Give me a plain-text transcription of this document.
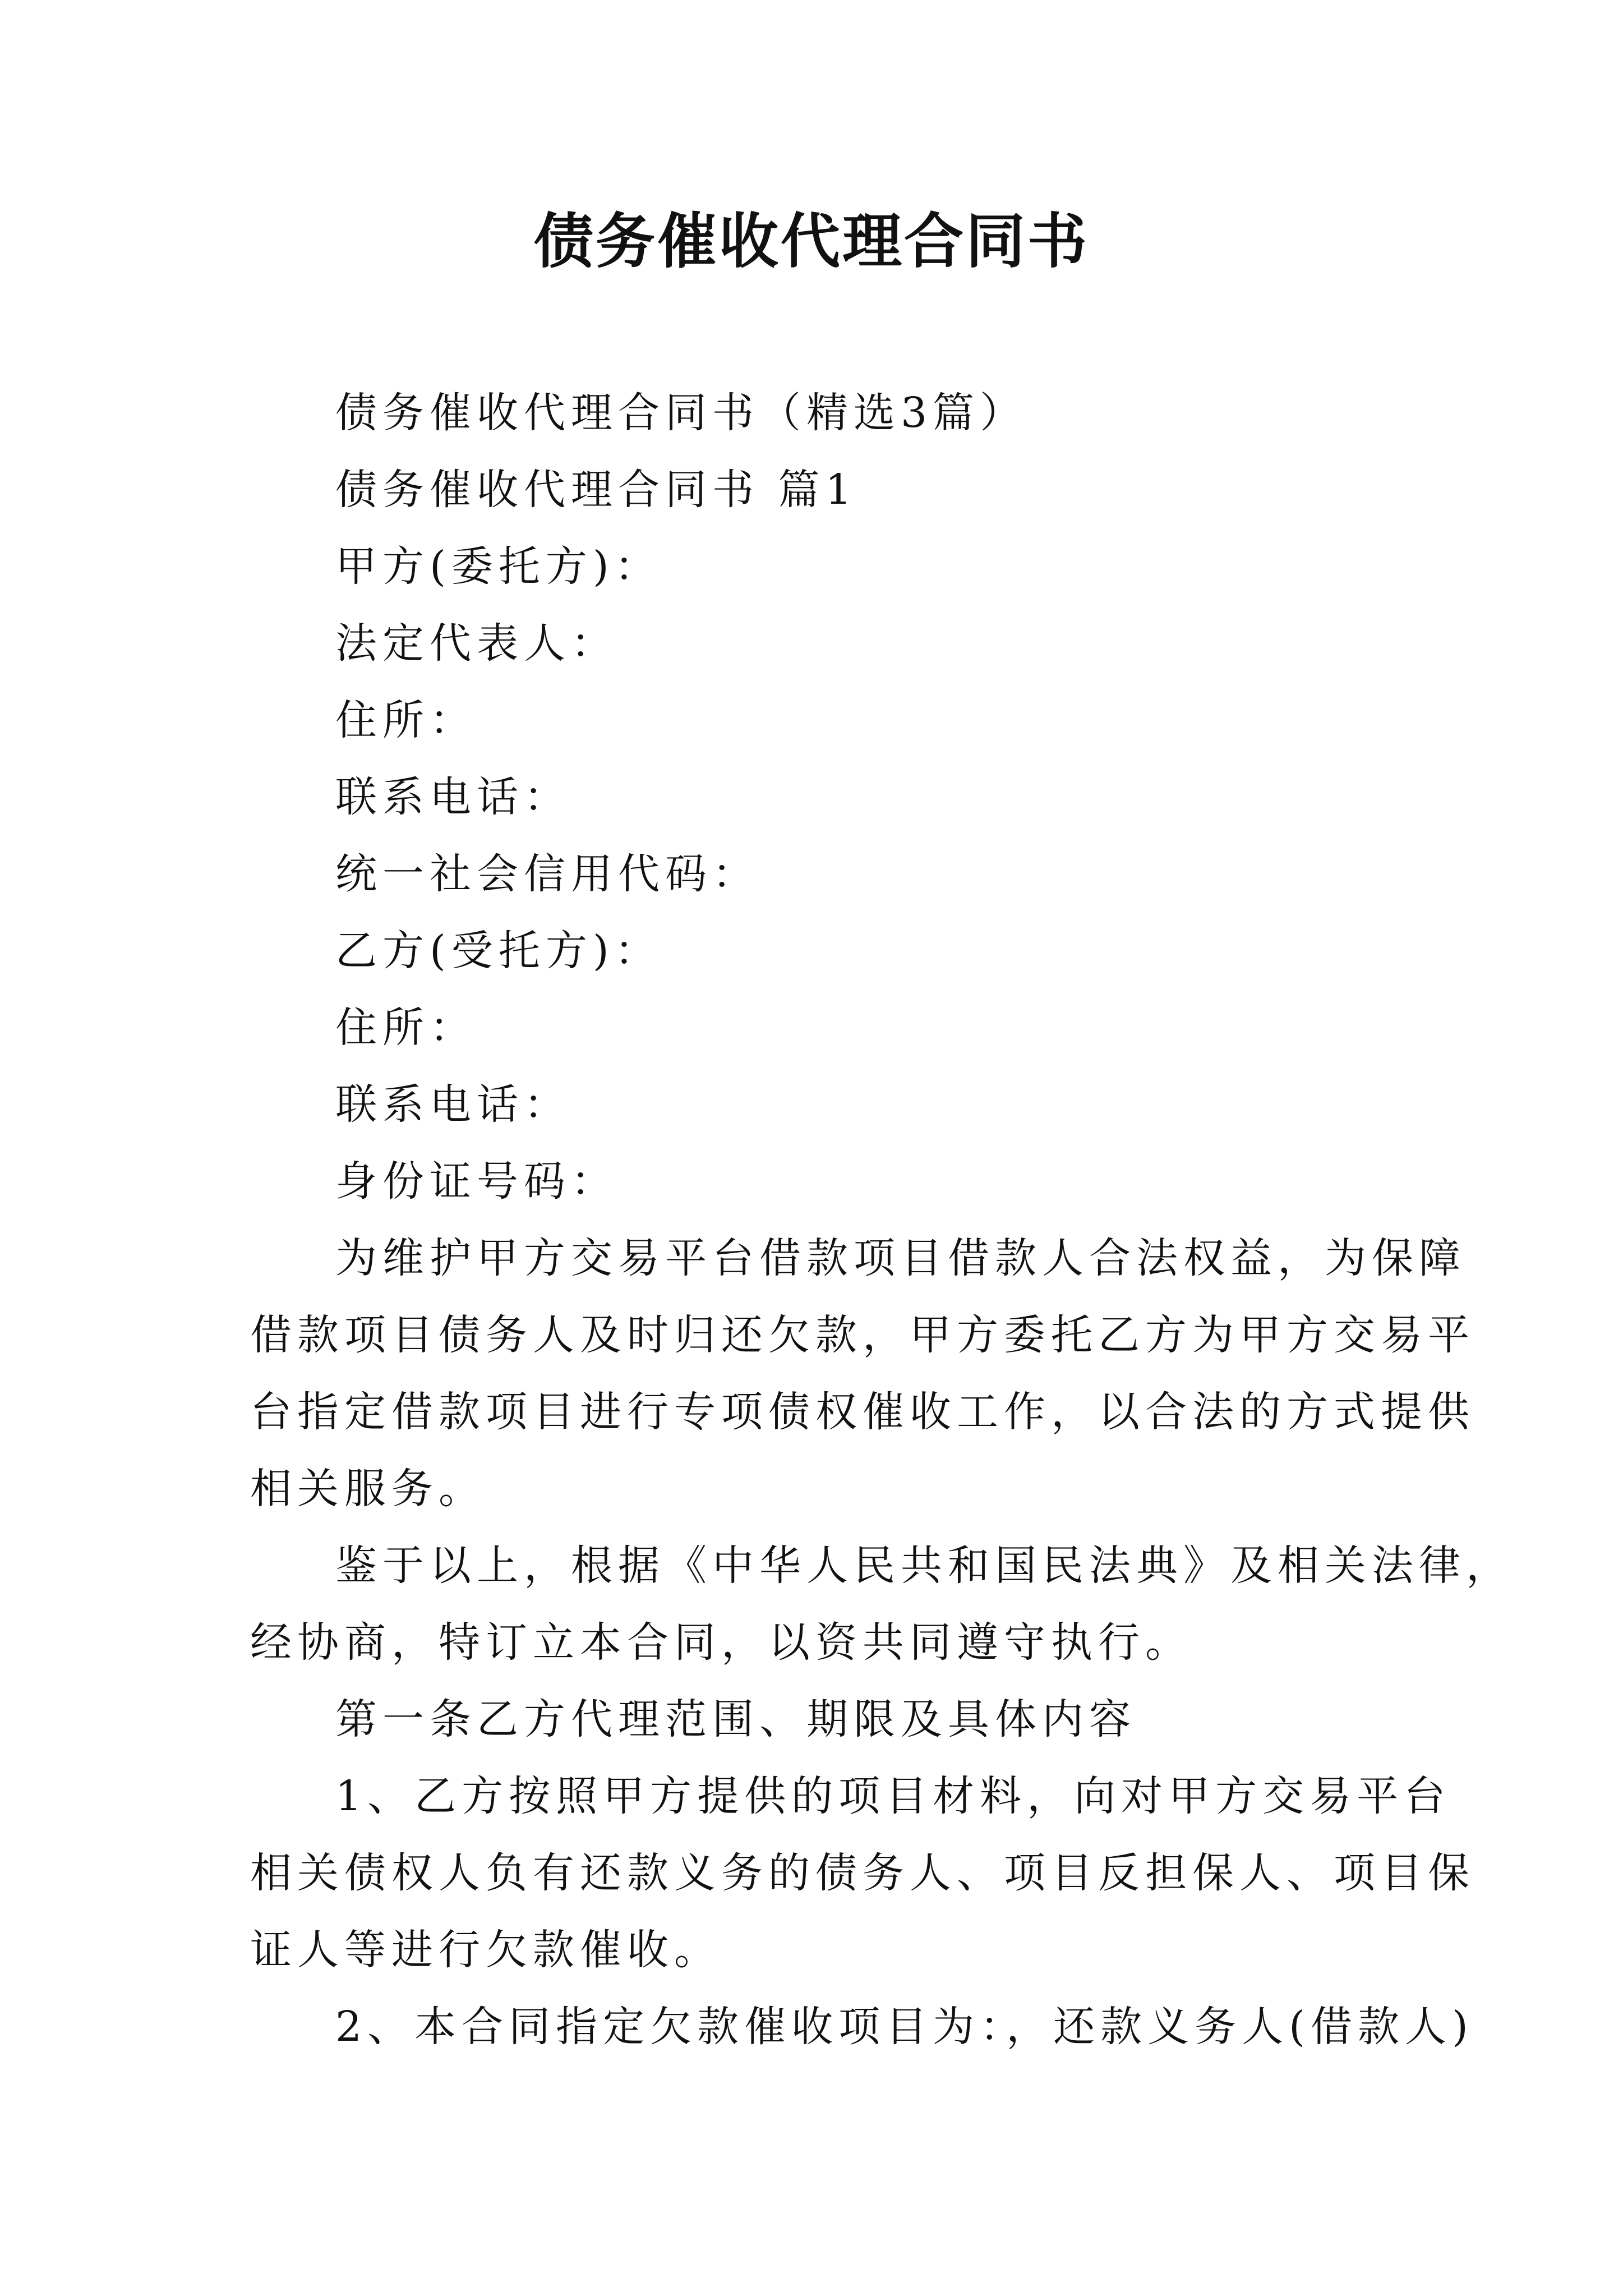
债务催收代理合同书
债务催收代理合同书（精选3篇）
债务催收代理合同书 篇1
甲方(委托方)：
法定代表人：
住所：
联系电话：
统一社会信用代码：
乙方(受托方)：
住所：
联系电话：
身份证号码：
为维护甲方交易平台借款项目借款人合法权益，为保障
借款项目债务人及时归还欠款，甲方委托乙方为甲方交易平
台指定借款项目进行专项债权催收工作，以合法的方式提供
相关服务。
鉴于以上，根据《中华人民共和国民法典》及相关法律，
经协商，特订立本合同，以资共同遵守执行。
第一条乙方代理范围、期限及具体内容
1、乙方按照甲方提供的项目材料，向对甲方交易平台
相关债权人负有还款义务的债务人、项目反担保人、项目保
证人等进行欠款催收。
2、本合同指定欠款催收项目为：，还款义务人(借款人)
